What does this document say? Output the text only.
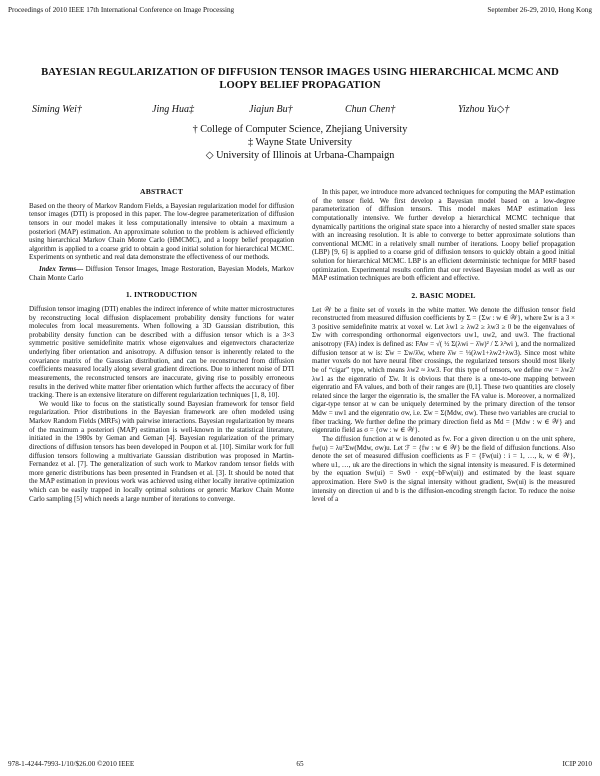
Proceedings of 2010 IEEE 17th International Conference on Image Processing	September 26-29, 2010, Hong Kong
BAYESIAN REGULARIZATION OF DIFFUSION TENSOR IMAGES USING HIERARCHICAL MCMC AND LOOPY BELIEF PROPAGATION
Siming Wei†	Jing Hua‡	Jiajun Bu†	Chun Chen†	Yizhou Yu◇†
† College of Computer Science, Zhejiang University
‡ Wayne State University
◇ University of Illinois at Urbana-Champaign
ABSTRACT

Based on the theory of Markov Random Fields, a Bayesian regularization model for diffusion tensor images (DTI) is proposed in this paper. The low-degree parameterization of diffusion tensors in our model makes it less computationally intensive to obtain a maximum a posteriori (MAP) estimation. An approximate solution to the problem is achieved efficiently using hierarchical Markov Chain Monte Carlo (HMCMC), and a loopy belief propagation algorithm is applied to a coarse grid to obtain a good initial solution for hierarchical MCMC. Experiments on synthetic and real data demonstrate the effectiveness of our methods.

Index Terms— Diffusion Tensor Images, Image Restoration, Bayesian Models, Markov Chain Monte Carlo

1. INTRODUCTION

Diffusion tensor imaging (DTI) enables the indirect inference of white matter microstructures by reconstructing local diffusion displacement probability density functions for water molecules from local measurements. When following a 3D Gaussian distribution, this probability density function can be described with a diffusion tensor which is a 3×3 symmetric positive semidefinite matrix whose eigenvalues and eigenvectors characterize underlying fiber orientation and anisotropy. A diffusion tensor is inherently related to the covariance matrix of the Gaussian distribution, and can be reconstructed from diffusion coefficients measured locally along several gradient directions. Due to inherent noise of DTI measurements, the reconstructed tensors are inaccurate, giving rise to possibly erroneous results in the derived white matter fiber orientation which further affects the accuracy of fiber tracking. There is an extensive literature on different regularization techniques [1, 8, 10].

We would like to focus on the statistically sound Bayesian framework for tensor field regularization. Prior distributions in the Bayesian framework are often modeled using Markov Random Fields (MRFs) with pairwise interactions. Bayesian regularization by means of the maximum a posteriori (MAP) estimation is well-known in the statistical literature, initiated in the 1980s by Geman and Geman [4]. Bayesian regularization of the primary directions of diffusion tensors has been developed in Poupon et al. [10]. Similar work for full diffusion tensors following a multivariate Gaussian distribution was proposed in Martin-Fernandez et al. [7]. The generalization of such work to Markov random tensor fields with more generic distributions has been presented in Frandsen et al. [3]. It should be noted that the MAP estimation in previous work was achieved using either locally iterative optimization which can be easily trapped in locally optimal solutions or generic Markov Chain Monte Carlo sampling [5] which needs a large number of iterations to converge.

In this paper, we introduce more advanced techniques for computing the MAP estimation of the tensor field. We first develop a Bayesian model based on a low-degree parameterization of diffusion tensors. This model makes MAP estimation less computationally intensive. We further develop a hierarchical MCMC technique that dynamically partitions the original state space into a hierarchy of nested smaller state spaces with an increasing resolution. It is able to converge to better approximate solutions than conventional MCMC in a relatively small number of iterations. Loopy belief propagation (LBP) [9, 6] is applied to a coarse grid of diffusion tensors to quickly obtain a good initial solution for hierarchical MCMC. LBP is an efficient deterministic technique for MRF based optimization. Experimental results confirm that our revised Bayesian model as well as our MAP estimation techniques are both efficient and effective.

2. BASIC MODEL

Let 𝒲 be a finite set of voxels in the white matter. We denote the diffusion tensor field reconstructed from measured diffusion coefficients by Σ = {Σw : w ∈ 𝒲}, where Σw is a 3 × 3 positive semidefinite matrix at voxel w. Let λw1 ≥ λw2 ≥ λw3 ≥ 0 be the eigenvalues of Σw with corresponding orthonormal eigenvectors uw1, uw2, and uw3. The fractional anisotropy (FA) index is defined as: FAw = √( ½ Σ(λwi − λ̄w)² / Σ λ²wi ), and the normalized diffusion tensor at w is: Σ̄w = Σw/λ̄w, where λ̄w = ⅓(λw1+λw2+λw3). Since most white matter voxels do not have neural fiber crossings, the regularized tensors should most likely be of “cigar” type, which means λw2 ≈ λw3. For this type of tensors, we define σw = λw2/λw1 as the eigenratio of Σ̄w. It is obvious that there is a one-to-one mapping between eigenratio and FA values, and both of their ranges are (0,1]. These two quantities are closely related since the larger the eigenratio is, the smaller the FA value is. Moreover, a normalized cigar-type tensor at w can be uniquely determined by the primary direction of the tensor Mdw = uw1 and the eigenratio σw, i.e. Σ̄w = Σ(Mdw, σw). These two variables are crucial to fiber tracking. We further define the primary direction field as Md = {Mdw : w ∈ 𝒲} and eigenratio field as σ = {σw : w ∈ 𝒲}.

The diffusion function at w is denoted as fw. For a given direction u on the unit sphere, fw(u) = λuᵀΣw(Mdw, σw)u. Let ℱ = {fw : w ∈ 𝒲} be the field of diffusion functions. Also denote the set of measured diffusion coefficients as F = {Fw(ui) : i = 1, …, k, w ∈ 𝒲}, where u1, …, uk are the directions in which the signal intensity is measured. F is determined by the equation Sw(ui) = Sw0 · exp(−bFw(ui)) and estimated by the least square approximation. Here Sw0 is the signal intensity without gradient, Sw(ui) is the measured intensity on direction ui and b is the diffusion-encoding strength factor. To reduce the noise level of a

978-1-4244-7993-1/10/$26.00 ©2010 IEEE	65	ICIP 2010
